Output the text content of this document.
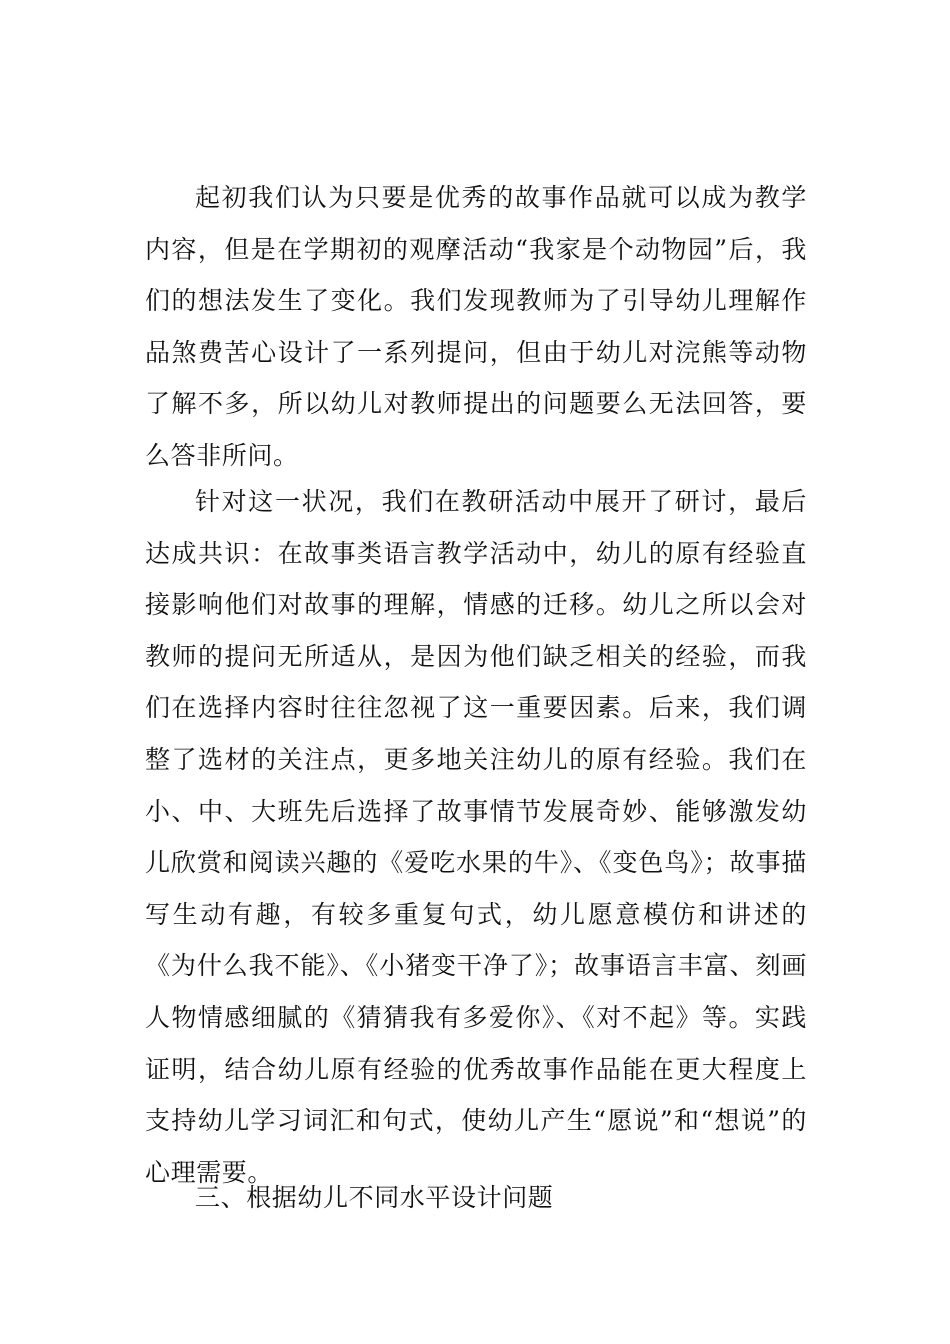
起初我们认为只要是优秀的故事作品就可以成为教学内容，但是在学期初的观摩活动“我家是个动物园”后，我们的想法发生了变化。我们发现教师为了引导幼儿理解作品煞费苦心设计了一系列提问，但由于幼儿对浣熊等动物了解不多，所以幼儿对教师提出的问题要么无法回答，要么答非所问。

针对这一状况，我们在教研活动中展开了研讨，最后达成共识：在故事类语言教学活动中，幼儿的原有经验直接影响他们对故事的理解，情感的迁移。幼儿之所以会对教师的提问无所适从，是因为他们缺乏相关的经验，而我们在选择内容时往往忽视了这一重要因素。后来，我们调整了选材的关注点，更多地关注幼儿的原有经验。我们在小、中、大班先后选择了故事情节发展奇妙、能够激发幼儿欣赏和阅读兴趣的《爱吃水果的牛》、《变色鸟》；故事描写生动有趣，有较多重复句式，幼儿愿意模仿和讲述的《为什么我不能》、《小猪变干净了》；故事语言丰富、刻画人物情感细腻的《猜猜我有多爱你》、《对不起》等。实践证明，结合幼儿原有经验的优秀故事作品能在更大程度上支持幼儿学习词汇和句式，使幼儿产生“愿说”和“想说”的心理需要。

三、根据幼儿不同水平设计问题
